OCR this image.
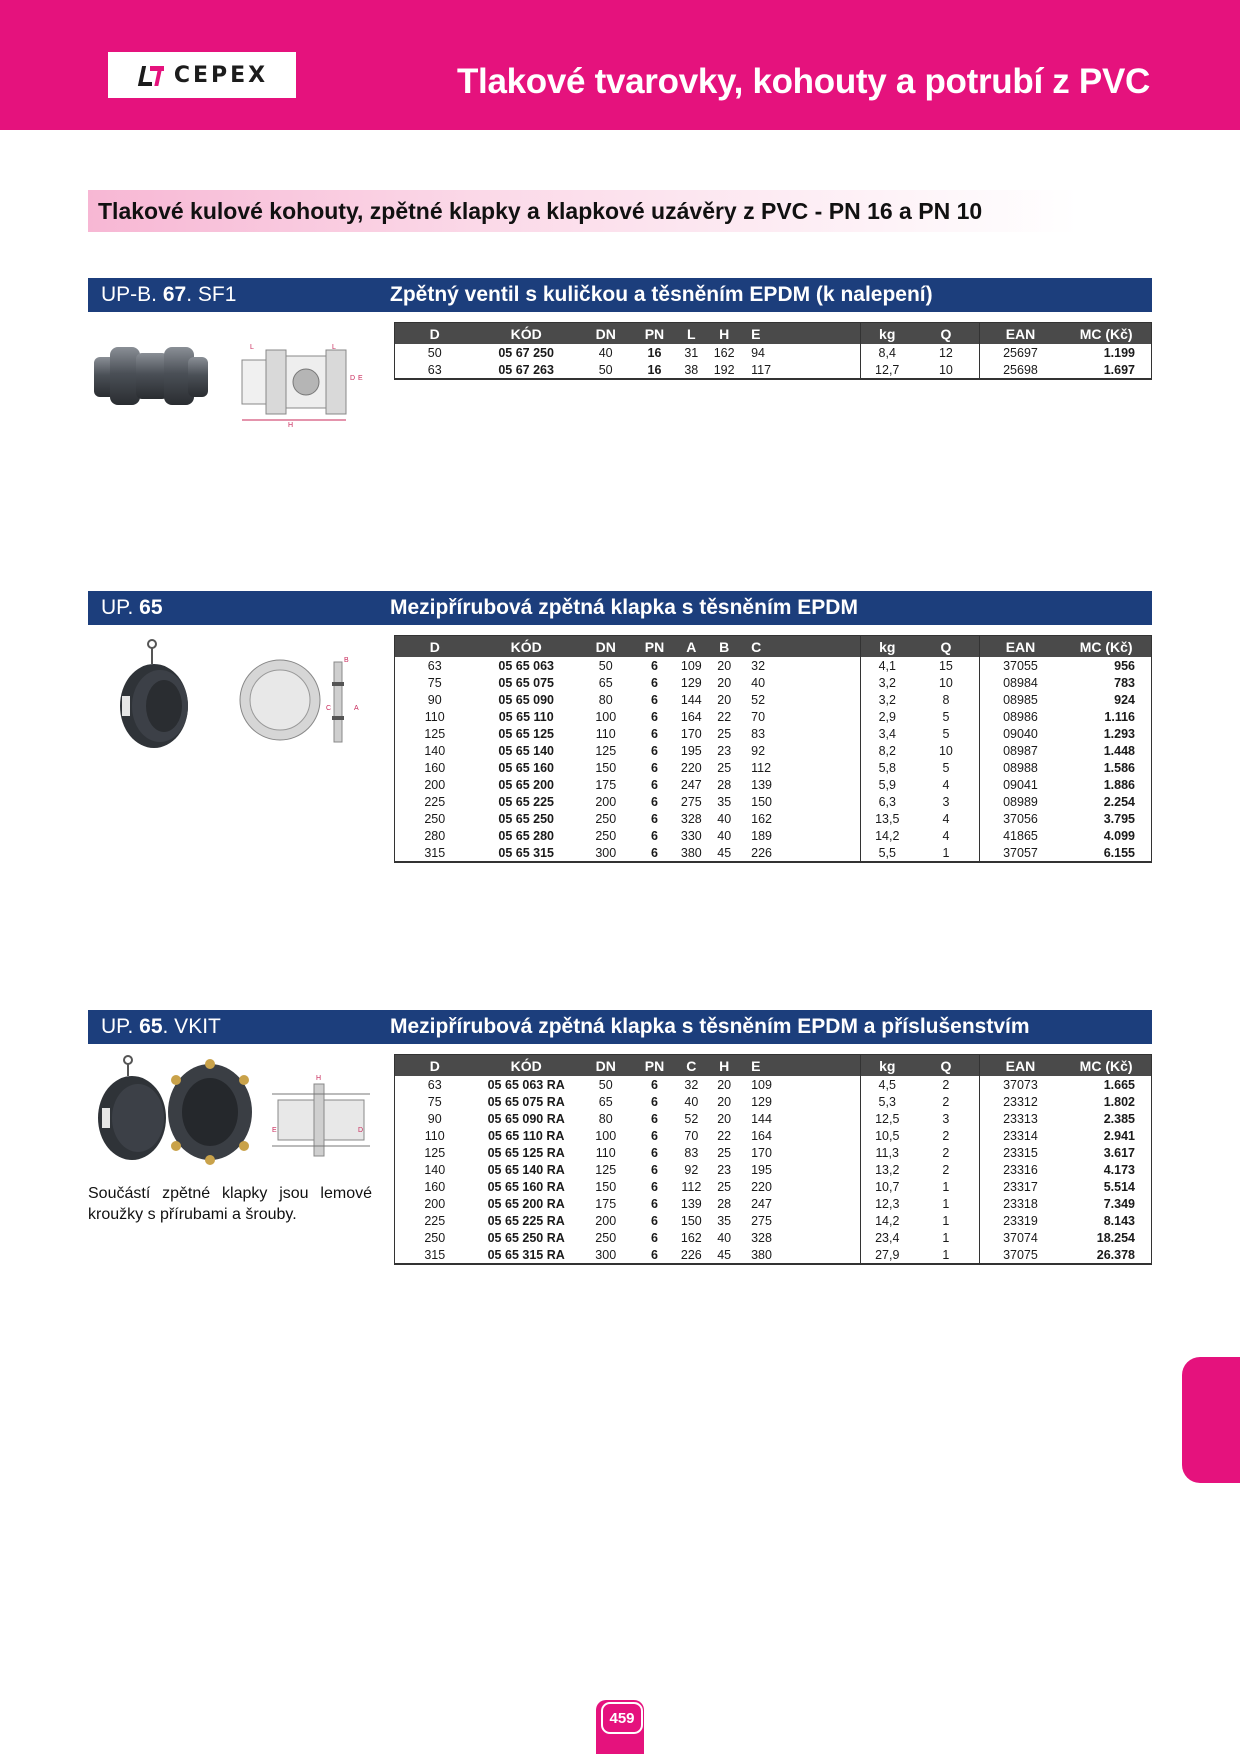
CEPEX	Tlakové tvarovky, kohouty a potrubí z PVC
Tlakové kulové kohouty, zpětné klapky a klapkové uzávěry z PVC - PN 16 a PN 10
UP-B. 67. SF1	Zpětný ventil s kuličkou a těsněním EPDM (k nalepení)
L	L
D E
H
D	KÓD	DN	PN	L	H	E	kg	Q	EAN	MC (Kč)
50	05 67 250	40	16	31	162	94	8,4	12	25697	1.199
63	05 67 263	50	16	38	192	117	12,7	10	25698	1.697
UP. 65	Mezipřírubová zpětná klapka s těsněním EPDM
B
C	A
D	KÓD	DN	PN	A	B	C	kg	Q	EAN	MC (Kč)
63	05 65 063	50	6	109	20	32	4,1	15	37055	956
75	05 65 075	65	6	129	20	40	3,2	10	08984	783
90	05 65 090	80	6	144	20	52	3,2	8	08985	924
110	05 65 110	100	6	164	22	70	2,9	5	08986	1.116
125	05 65 125	110	6	170	25	83	3,4	5	09040	1.293
140	05 65 140	125	6	195	23	92	8,2	10	08987	1.448
160	05 65 160	150	6	220	25	112	5,8	5	08988	1.586
200	05 65 200	175	6	247	28	139	5,9	4	09041	1.886
225	05 65 225	200	6	275	35	150	6,3	3	08989	2.254
250	05 65 250	250	6	328	40	162	13,5	4	37056	3.795
280	05 65 280	250	6	330	40	189	14,2	4	41865	4.099
315	05 65 315	300	6	380	45	226	5,5	1	37057	6.155
UP. 65. VKIT	Mezipřírubová zpětná klapka s těsněním EPDM a příslušenstvím
H
E	D
Součástí zpětné klapky jsou lemové kroužky s přírubami a šrouby.
D	KÓD	DN	PN	C	H	E	kg	Q	EAN	MC (Kč)
63	05 65 063 RA	50	6	32	20	109	4,5	2	37073	1.665
75	05 65 075 RA	65	6	40	20	129	5,3	2	23312	1.802
90	05 65 090 RA	80	6	52	20	144	12,5	3	23313	2.385
110	05 65 110 RA	100	6	70	22	164	10,5	2	23314	2.941
125	05 65 125 RA	110	6	83	25	170	11,3	2	23315	3.617
140	05 65 140 RA	125	6	92	23	195	13,2	2	23316	4.173
160	05 65 160 RA	150	6	112	25	220	10,7	1	23317	5.514
200	05 65 200 RA	175	6	139	28	247	12,3	1	23318	7.349
225	05 65 225 RA	200	6	150	35	275	14,2	1	23319	8.143
250	05 65 250 RA	250	6	162	40	328	23,4	1	37074	18.254
315	05 65 315 RA	300	6	226	45	380	27,9	1	37075	26.378
459
